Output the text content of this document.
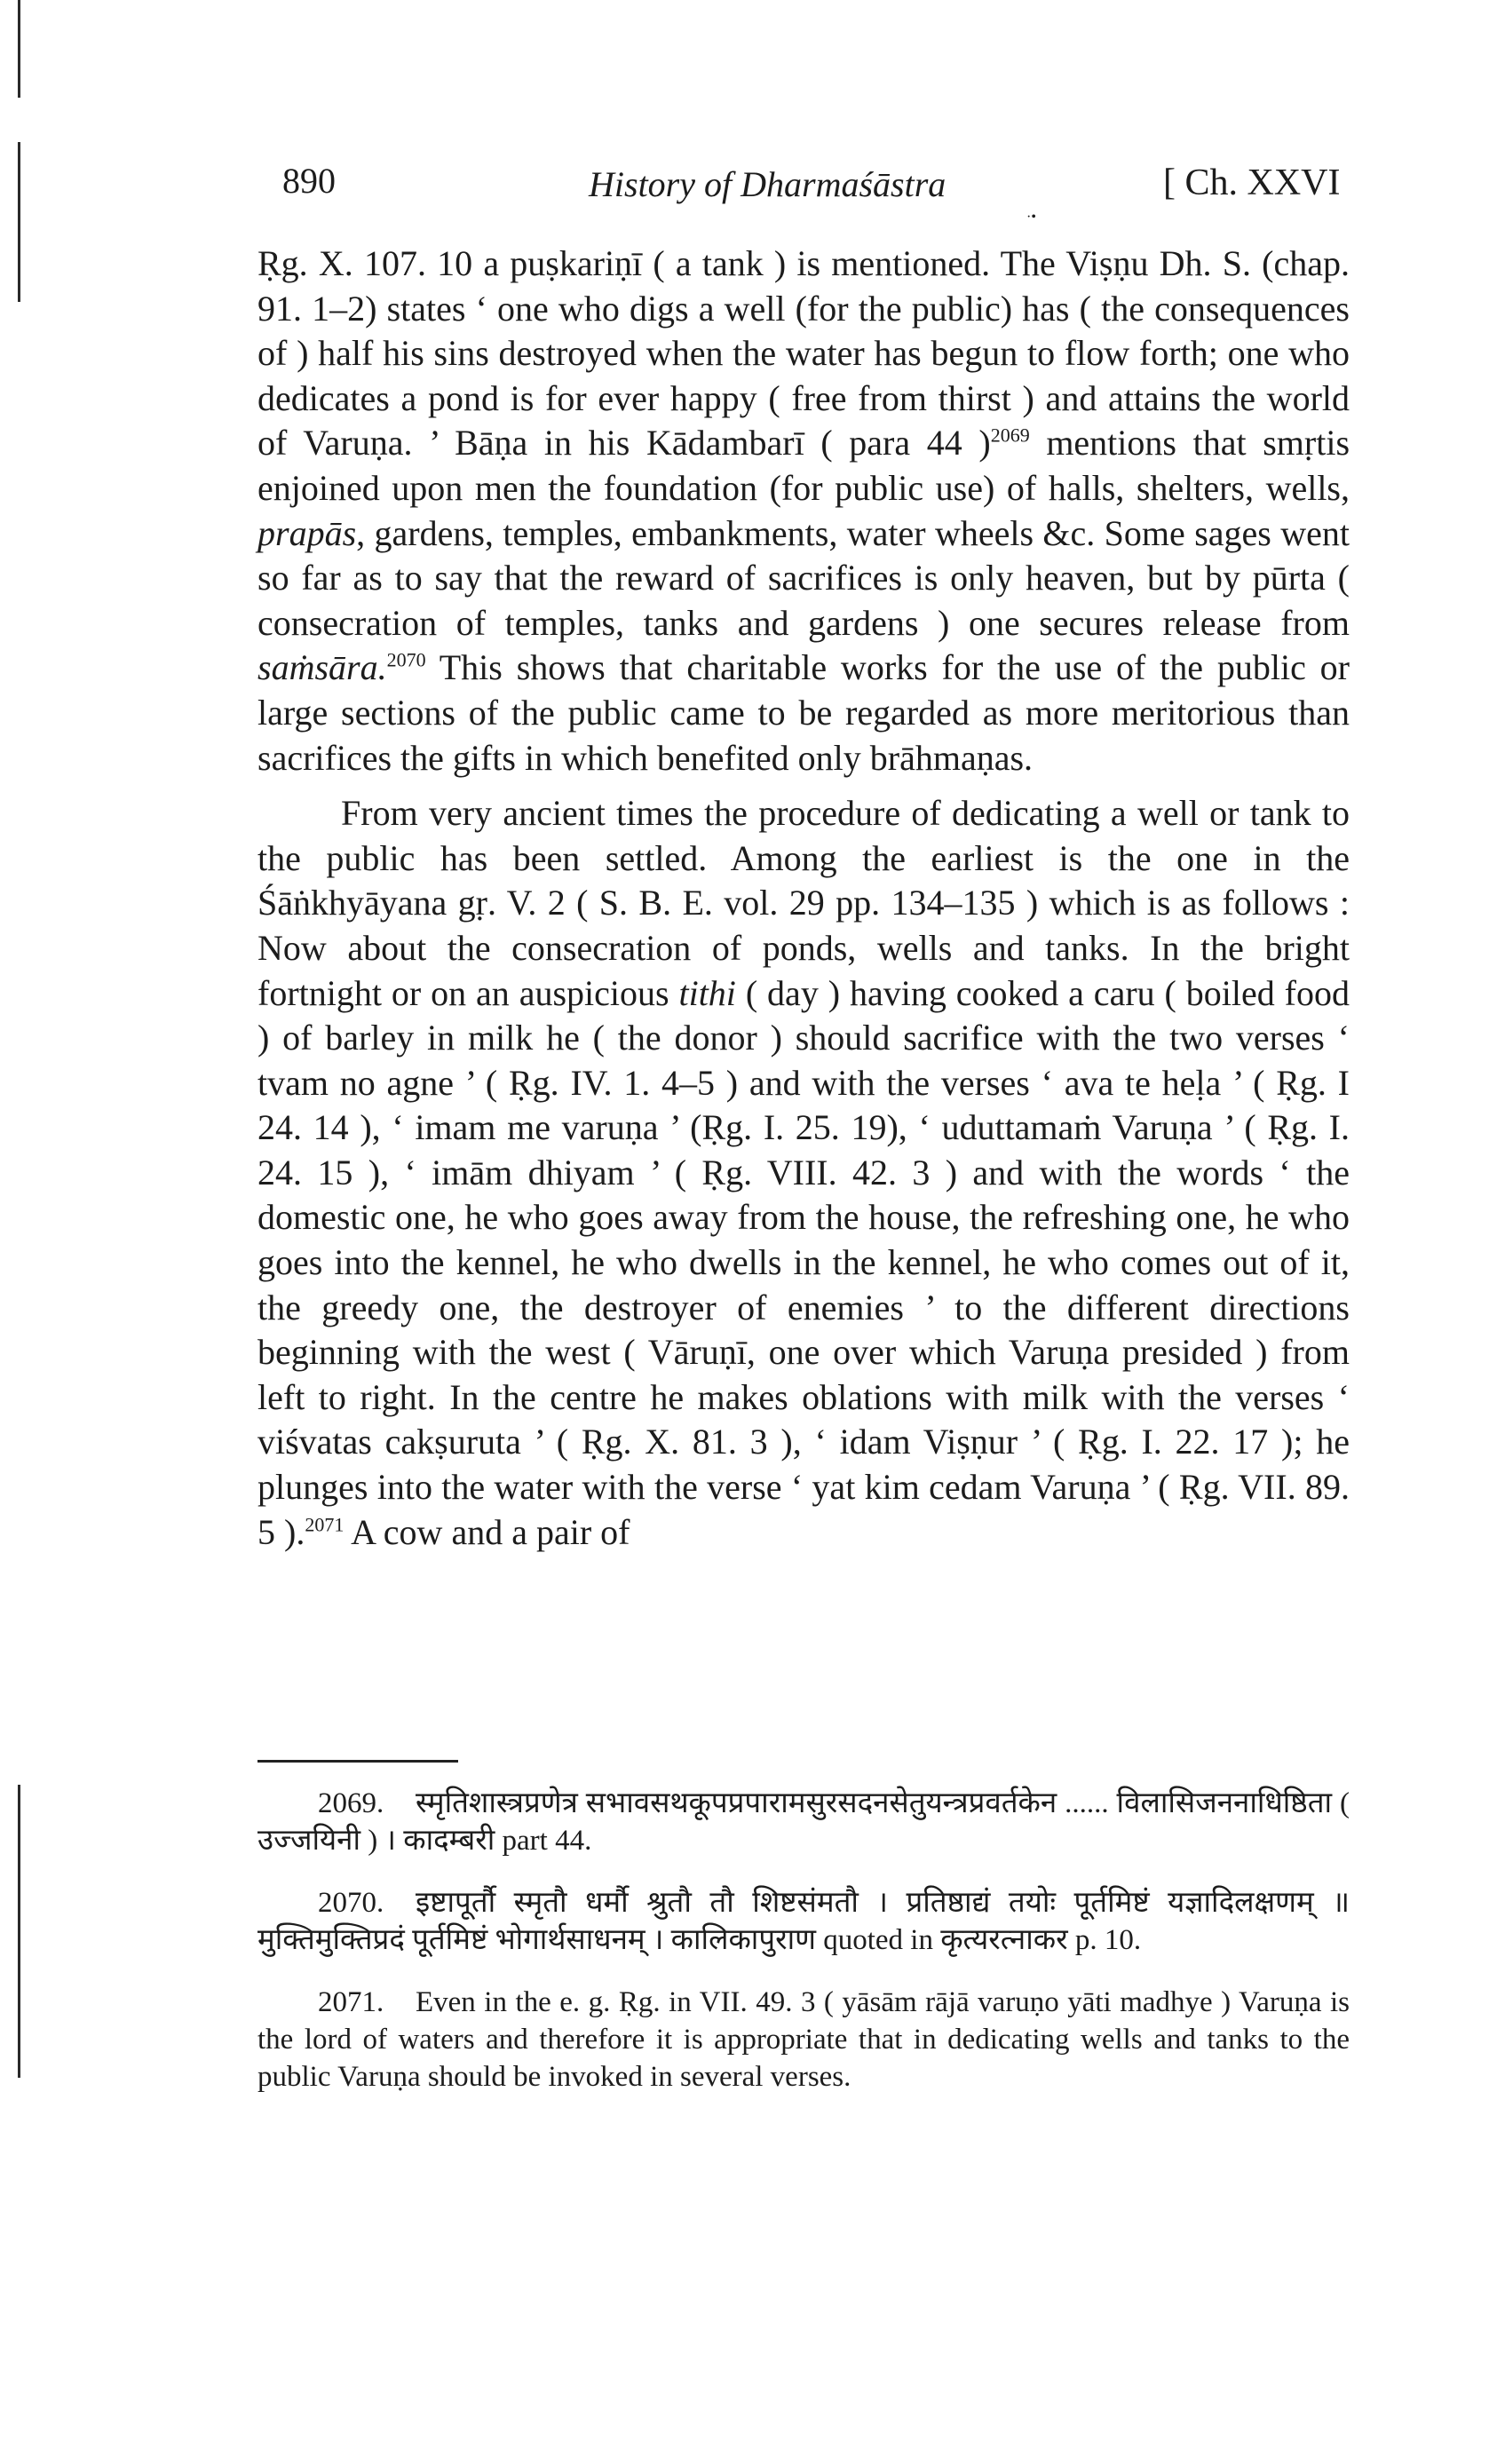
890	History of Dharmaśāstra
·•
[ Ch. XXVI

Ṛg. X. 107. 10 a puṣkariṇī ( a tank ) is mentioned. The Viṣṇu Dh. S. (chap. 91. 1–2) states ‘ one who digs a well (for the public) has ( the consequences of ) half his sins destroyed when the water has begun to flow forth; one who dedicates a pond is for ever happy ( free from thirst ) and attains the world of Varuṇa. ’ Bāṇa in his Kādambarī ( para 44 )$^{2069}$ mentions that smṛtis enjoined upon men the foundation (for public use) of halls, shelters, wells, prapās, gardens, temples, embankments, water wheels &c. Some sages went so far as to say that the reward of sacrifices is only heaven, but by pūrta ( consecration of temples, tanks and gardens ) one secures release from saṁsāra.$^{2070}$ This shows that charitable works for the use of the public or large sections of the public came to be regarded as more meritorious than sacrifices the gifts in which benefited only brāhmaṇas.

From very ancient times the procedure of dedicating a well or tank to the public has been settled. Among the earliest is the one in the Śāṅkhyāyana gṛ. V. 2 ( S. B. E. vol. 29 pp. 134–135 ) which is as follows : Now about the consecration of ponds, wells and tanks. In the bright fortnight or on an auspicious tithi ( day ) having cooked a caru ( boiled food ) of barley in milk he ( the donor ) should sacrifice with the two verses ‘ tvam no agne ’ ( Ṛg. IV. 1. 4–5 ) and with the verses ‘ ava te heḷa ’ ( Ṛg. I 24. 14 ), ‘ imam me varuṇa ’ (Ṛg. I. 25. 19), ‘ uduttamaṁ Varuṇa ’ ( Ṛg. I. 24. 15 ), ‘ imām dhiyam ’ ( Ṛg. VIII. 42. 3 ) and with the words ‘ the domestic one, he who goes away from the house, the refreshing one, he who goes into the kennel, he who dwells in the kennel, he who comes out of it, the greedy one, the destroyer of enemies ’ to the different directions beginning with the west ( Vāruṇī, one over which Varuṇa presided ) from left to right. In the centre he makes oblations with milk with the verses ‘ viśvatas cakṣuruta ’ ( Ṛg. X. 81. 3 ), ‘ idam Viṣṇur ’ ( Ṛg. I. 22. 17 ); he plunges into the water with the verse ‘ yat kim cedam Varuṇa ’ ( Ṛg. VII. 89. 5 ).$^{2071}$ A cow and a pair of

2069. स्मृतिशास्त्रप्रणेत्र सभावसथकूपप्रपारामसुरसदनसेतुयन्त्रप्रवर्तकेन ...... विलासिजननाधिष्ठिता ( उज्जयिनी ) । कादम्बरी part 44.

2070. इष्टापूर्तौ स्मृतौ धर्मौ श्रुतौ तौ शिष्टसंमतौ । प्रतिष्ठाद्यं तयोः पूर्तमिष्टं यज्ञादिलक्षणम् ॥ मुक्तिमुक्तिप्रदं पूर्तमिष्टं भोगार्थसाधनम् । कालिकापुराण quoted in कृत्यरत्नाकर p. 10.

2071. Even in the e. g. Ṛg. in VII. 49. 3 ( yāsām rājā varuṇo yāti madhye ) Varuṇa is the lord of waters and therefore it is appropriate that in dedicating wells and tanks to the public Varuṇa should be invoked in several verses.
